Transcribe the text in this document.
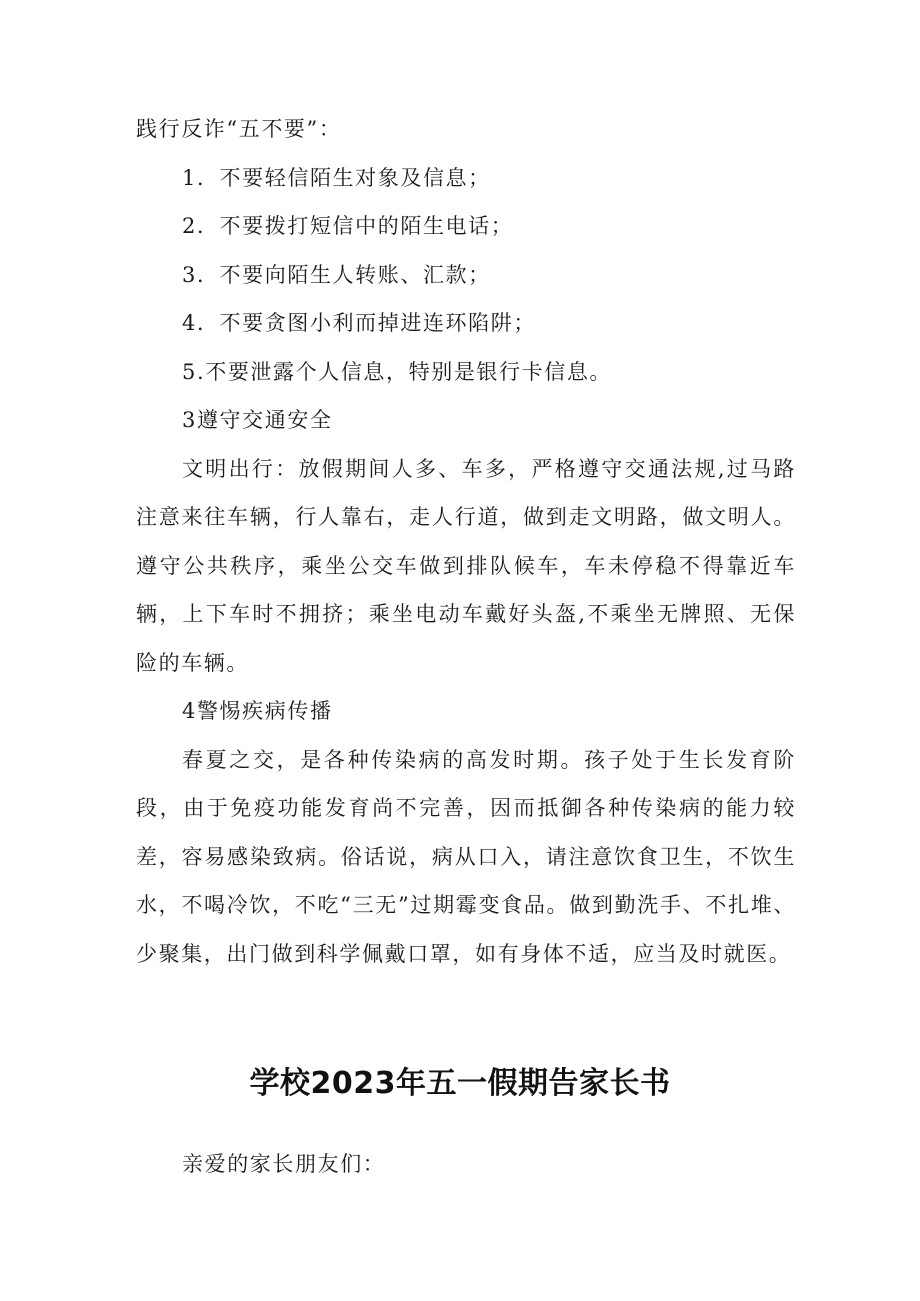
践行反诈“五不要”：

1．不要轻信陌生对象及信息；

2．不要拨打短信中的陌生电话；

3．不要向陌生人转账、汇款；

4．不要贪图小利而掉进连环陷阱；

5.不要泄露个人信息，特别是银行卡信息。

3遵守交通安全

文明出行：放假期间人多、车多，严格遵守交通法规,过马路注意来往车辆，行人靠右，走人行道，做到走文明路，做文明人。遵守公共秩序，乘坐公交车做到排队候车，车未停稳不得靠近车辆，上下车时不拥挤；乘坐电动车戴好头盔,不乘坐无牌照、无保险的车辆。

4警惕疾病传播

春夏之交，是各种传染病的高发时期。孩子处于生长发育阶段，由于免疫功能发育尚不完善，因而抵御各种传染病的能力较差，容易感染致病。俗话说，病从口入，请注意饮食卫生，不饮生水，不喝冷饮，不吃“三无”过期霉变食品。做到勤洗手、不扎堆、少聚集，出门做到科学佩戴口罩，如有身体不适，应当及时就医。

学校2023年五一假期告家长书

亲爱的家长朋友们：
